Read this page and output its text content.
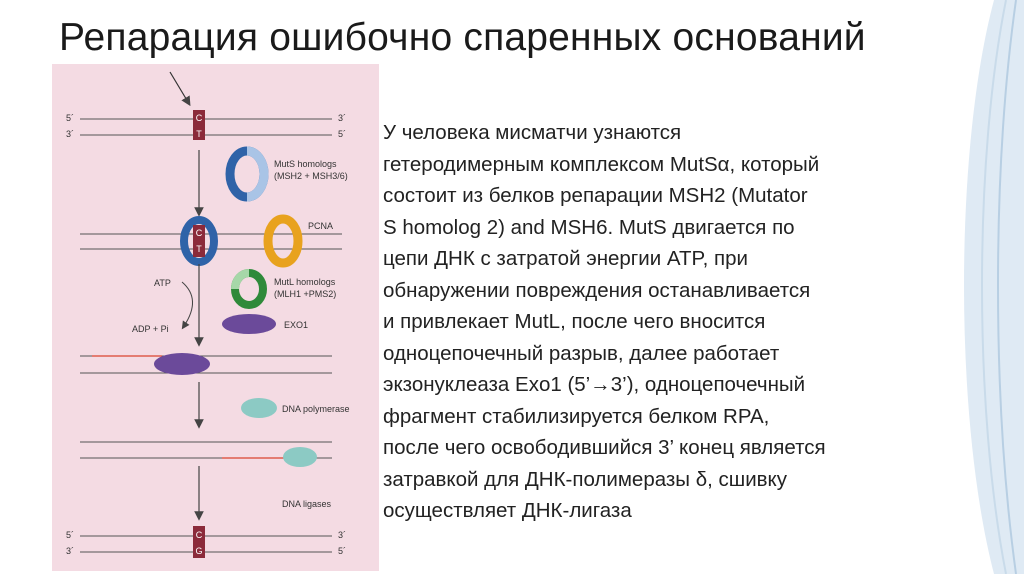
Репарация ошибочно спаренных оснований
5´
3´
3´
5´
C
T
MutS homologs
(MSH2 + MSH3/6)
C
T
PCNA
ATP
ADP + Pi
MutL homologs
(MLH1 +PMS2)
EXO1
DNA polymerase
DNA ligases
5´
3´
3´
5´
C
G
У человека мисматчи узнаются
гетеродимерным комплексом MutSα, который
состоит из белков репарации MSH2 (Mutator
S homolog 2) and MSH6. MutS двигается по
цепи ДНК с затратой энергии ATP, при
обнаружении повреждения останавливается
и привлекает MutL, после чего вносится
одноцепочечный разрыв, далее работает
экзонуклеаза Exo1 (5’→3’), одноцепочечный
фрагмент стабилизируется белком RPA,
после чего освободившийся 3’ конец является
затравкой для ДНК-полимеразы δ, сшивку
осуществляет ДНК-лигаза
